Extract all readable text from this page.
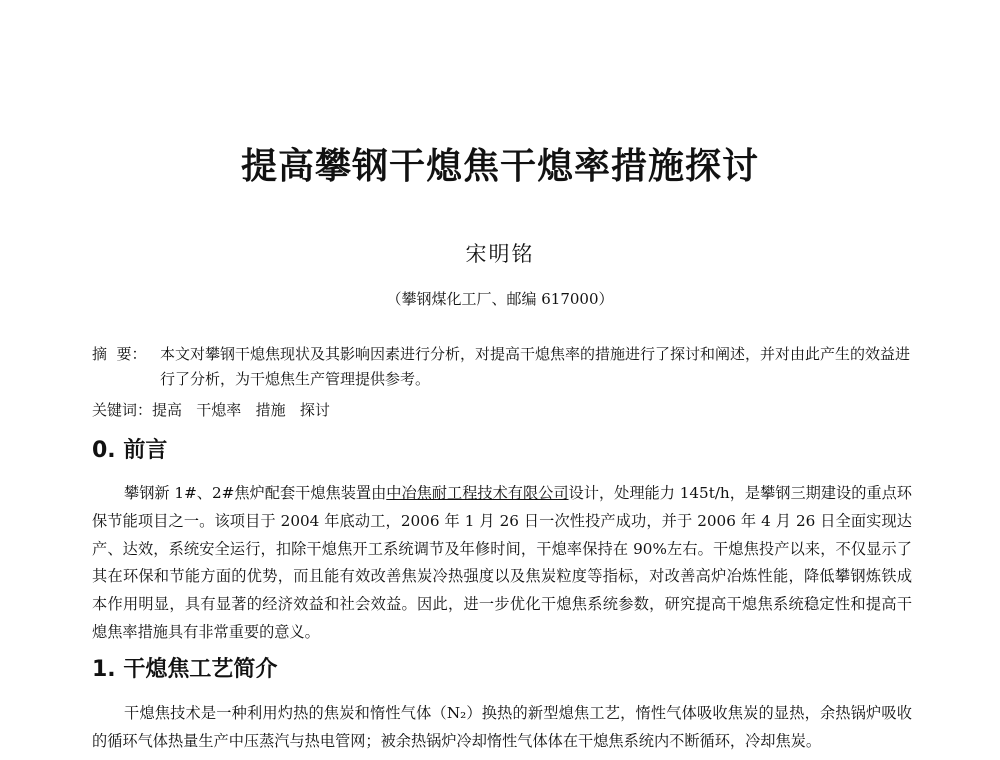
提高攀钢干熄焦干熄率措施探讨
宋明铭
（攀钢煤化工厂、邮编 617000）
摘  要： 本文对攀钢干熄焦现状及其影响因素进行分析，对提高干熄焦率的措施进行了探讨和阐述，并对由此产生的效益进行了分析，为干熄焦生产管理提供参考。

关键词：提高   干熄率   措施   探讨
0. 前言

攀钢新 1#、2#焦炉配套干熄焦装置由中冶焦耐工程技术有限公司设计，处理能力 145t/h，是攀钢三期建设的重点环保节能项目之一。该项目于 2004 年底动工，2006 年 1 月 26 日一次性投产成功，并于 2006 年 4 月 26 日全面实现达产、达效，系统安全运行，扣除干熄焦开工系统调节及年修时间，干熄率保持在 90%左右。干熄焦投产以来，不仅显示了其在环保和节能方面的优势，而且能有效改善焦炭冷热强度以及焦炭粒度等指标，对改善高炉冶炼性能，降低攀钢炼铁成本作用明显，具有显著的经济效益和社会效益。因此，进一步优化干熄焦系统参数，研究提高干熄焦系统稳定性和提高干熄焦率措施具有非常重要的意义。

1. 干熄焦工艺简介

干熄焦技术是一种利用灼热的焦炭和惰性气体（N₂）换热的新型熄焦工艺，惰性气体吸收焦炭的显热，余热锅炉吸收的循环气体热量生产中压蒸汽与热电管网；被余热锅炉冷却惰性气体体在干熄焦系统内不断循环，冷却焦炭。
